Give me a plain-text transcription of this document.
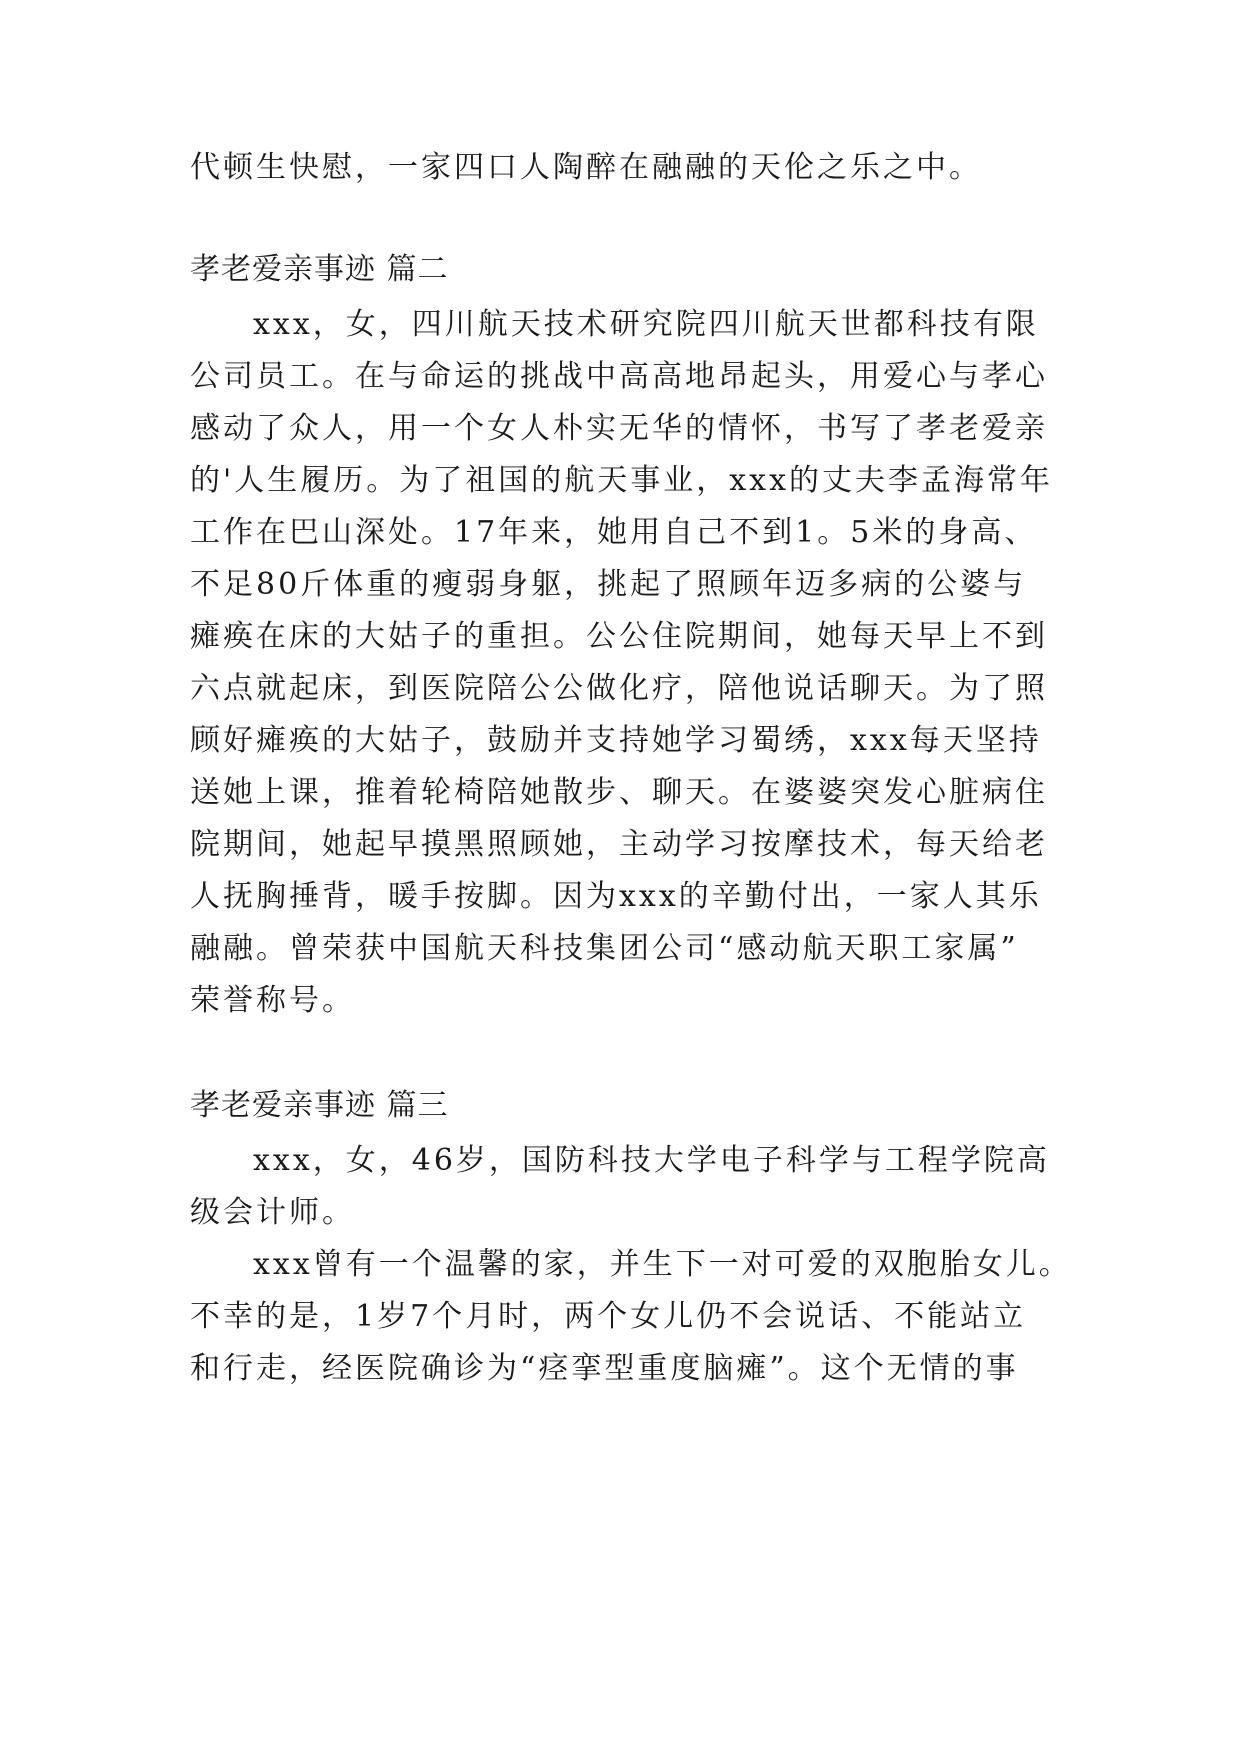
代顿生快慰，一家四口人陶醉在融融的天伦之乐之中。
孝老爱亲事迹 篇二
xxx，女，四川航天技术研究院四川航天世都科技有限
公司员工。在与命运的挑战中高高地昂起头，用爱心与孝心
感动了众人，用一个女人朴实无华的情怀，书写了孝老爱亲
的'人生履历。为了祖国的航天事业，xxx的丈夫李孟海常年
工作在巴山深处。17年来，她用自己不到1。5米的身高、
不足80斤体重的瘦弱身躯，挑起了照顾年迈多病的公婆与
瘫痪在床的大姑子的重担。公公住院期间，她每天早上不到
六点就起床，到医院陪公公做化疗，陪他说话聊天。为了照
顾好瘫痪的大姑子，鼓励并支持她学习蜀绣，xxx每天坚持
送她上课，推着轮椅陪她散步、聊天。在婆婆突发心脏病住
院期间，她起早摸黑照顾她，主动学习按摩技术，每天给老
人抚胸捶背，暖手按脚。因为xxx的辛勤付出，一家人其乐
融融。曾荣获中国航天科技集团公司“感动航天职工家属”
荣誉称号。
孝老爱亲事迹 篇三
xxx，女，46岁，国防科技大学电子科学与工程学院高
级会计师。
xxx曾有一个温馨的家，并生下一对可爱的双胞胎女儿。
不幸的是，1岁7个月时，两个女儿仍不会说话、不能站立
和行走，经医院确诊为“痉挛型重度脑瘫”。这个无情的事
